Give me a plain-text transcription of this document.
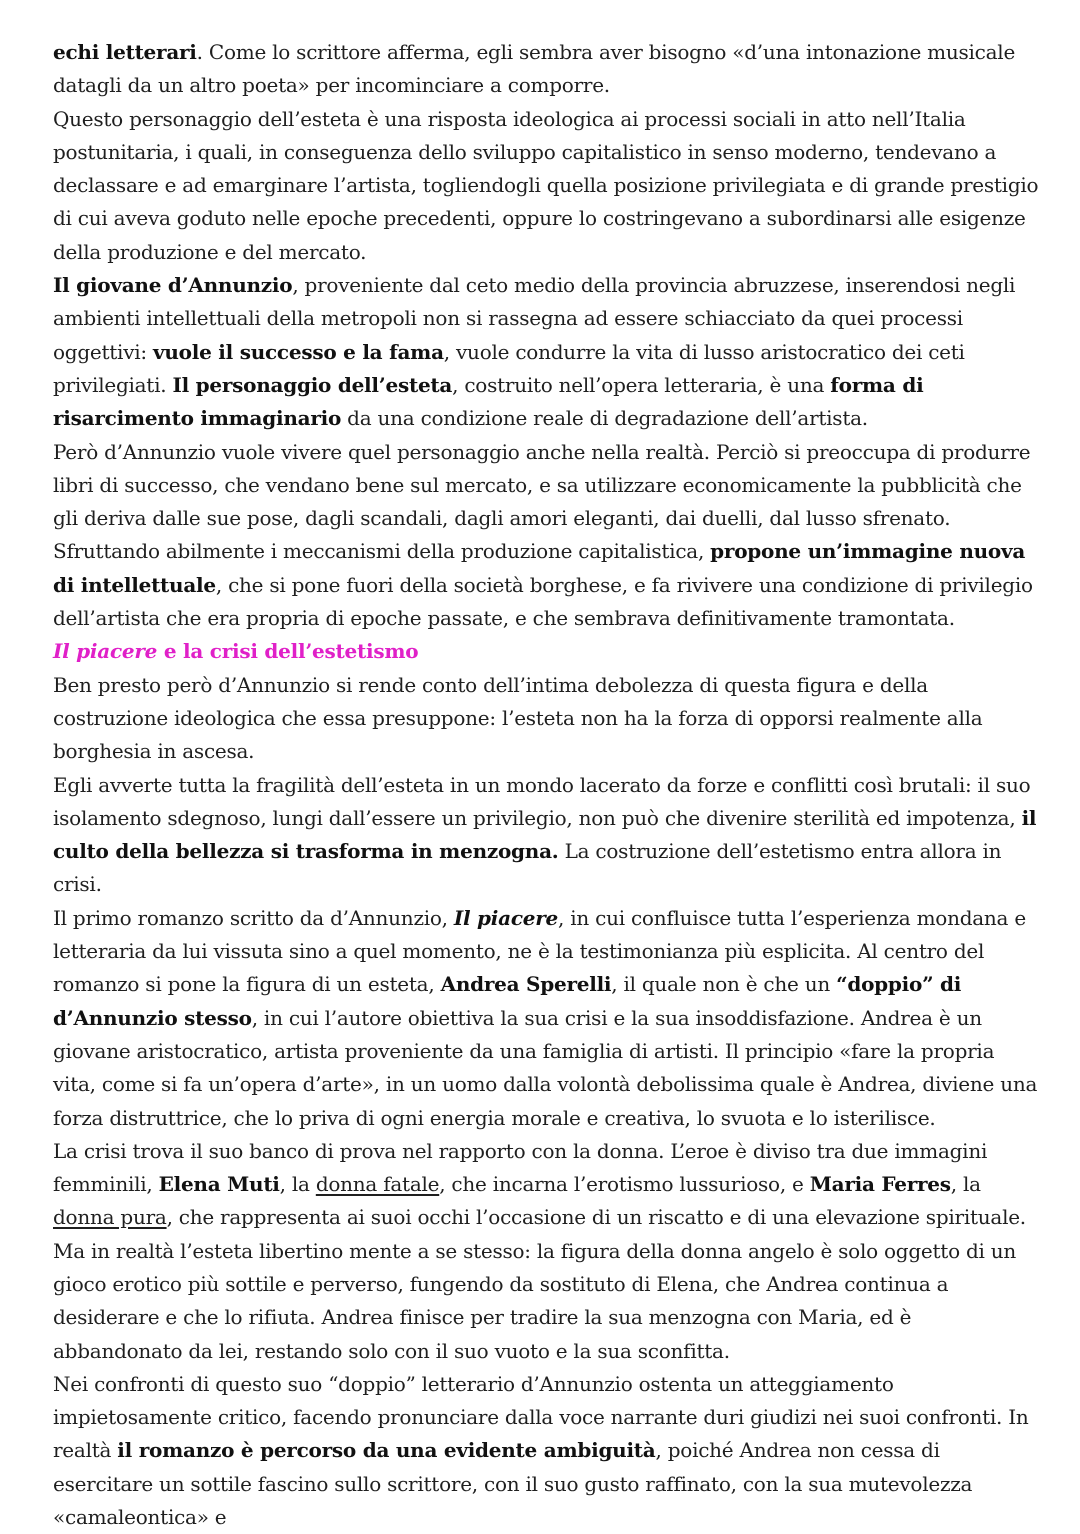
echi letterari. Come lo scrittore afferma, egli sembra aver bisogno «d’una intonazione musicale datagli da un altro poeta» per incominciare a comporre.

Questo personaggio dell’esteta è una risposta ideologica ai processi sociali in atto nell’Italia postunitaria, i quali, in conseguenza dello sviluppo capitalistico in senso moderno, tendevano a declassare e ad emarginare l’artista, togliendogli quella posizione privilegiata e di grande prestigio di cui aveva goduto nelle epoche precedenti, oppure lo costringevano a subordinarsi alle esigenze della produzione e del mercato.

Il giovane d’Annunzio, proveniente dal ceto medio della provincia abruzzese, inserendosi negli ambienti intellettuali della metropoli non si rassegna ad essere schiacciato da quei processi oggettivi: vuole il successo e la fama, vuole condurre la vita di lusso aristocratico dei ceti privilegiati. Il personaggio dell’esteta, costruito nell’opera letteraria, è una forma di risarcimento immaginario da una condizione reale di degradazione dell’artista.

Però d’Annunzio vuole vivere quel personaggio anche nella realtà. Perciò si preoccupa di produrre libri di successo, che vendano bene sul mercato, e sa utilizzare economicamente la pubblicità che gli deriva dalle sue pose, dagli scandali, dagli amori eleganti, dai duelli, dal lusso sfrenato. Sfruttando abilmente i meccanismi della produzione capitalistica, propone un’immagine nuova di intellettuale, che si pone fuori della società borghese, e fa rivivere una condizione di privilegio dell’artista che era propria di epoche passate, e che sembrava definitivamente tramontata.

Il piacere e la crisi dell’estetismo

Ben presto però d’Annunzio si rende conto dell’intima debolezza di questa figura e della costruzione ideologica che essa presuppone: l’esteta non ha la forza di opporsi realmente alla borghesia in ascesa.

Egli avverte tutta la fragilità dell’esteta in un mondo lacerato da forze e conflitti così brutali: il suo isolamento sdegnoso, lungi dall’essere un privilegio, non può che divenire sterilità ed impotenza, il culto della bellezza si trasforma in menzogna. La costruzione dell’estetismo entra allora in crisi.

Il primo romanzo scritto da d’Annunzio, Il piacere, in cui confluisce tutta l’esperienza mondana e letteraria da lui vissuta sino a quel momento, ne è la testimonianza più esplicita. Al centro del romanzo si pone la figura di un esteta, Andrea Sperelli, il quale non è che un “doppio” di d’Annunzio stesso, in cui l’autore obiettiva la sua crisi e la sua insoddisfazione. Andrea è un giovane aristocratico, artista proveniente da una famiglia di artisti. Il principio «fare la propria vita, come si fa un’opera d’arte», in un uomo dalla volontà debolissima quale è Andrea, diviene una forza distruttrice, che lo priva di ogni energia morale e creativa, lo svuota e lo isterilisce.

La crisi trova il suo banco di prova nel rapporto con la donna. L’eroe è diviso tra due immagini femminili, Elena Muti, la donna fatale, che incarna l’erotismo lussurioso, e Maria Ferres, la donna pura, che rappresenta ai suoi occhi l’occasione di un riscatto e di una elevazione spirituale. Ma in realtà l’esteta libertino mente a se stesso: la figura della donna angelo è solo oggetto di un gioco erotico più sottile e perverso, fungendo da sostituto di Elena, che Andrea continua a desiderare e che lo rifiuta. Andrea finisce per tradire la sua menzogna con Maria, ed è abbandonato da lei, restando solo con il suo vuoto e la sua sconfitta.

Nei confronti di questo suo “doppio” letterario d’Annunzio ostenta un atteggiamento impietosamente critico, facendo pronunciare dalla voce narrante duri giudizi nei suoi confronti. In realtà il romanzo è percorso da una evidente ambiguità, poiché Andrea non cessa di esercitare un sottile fascino sullo scrittore, con il suo gusto raffinato, con la sua mutevolezza «camaleontica» e
